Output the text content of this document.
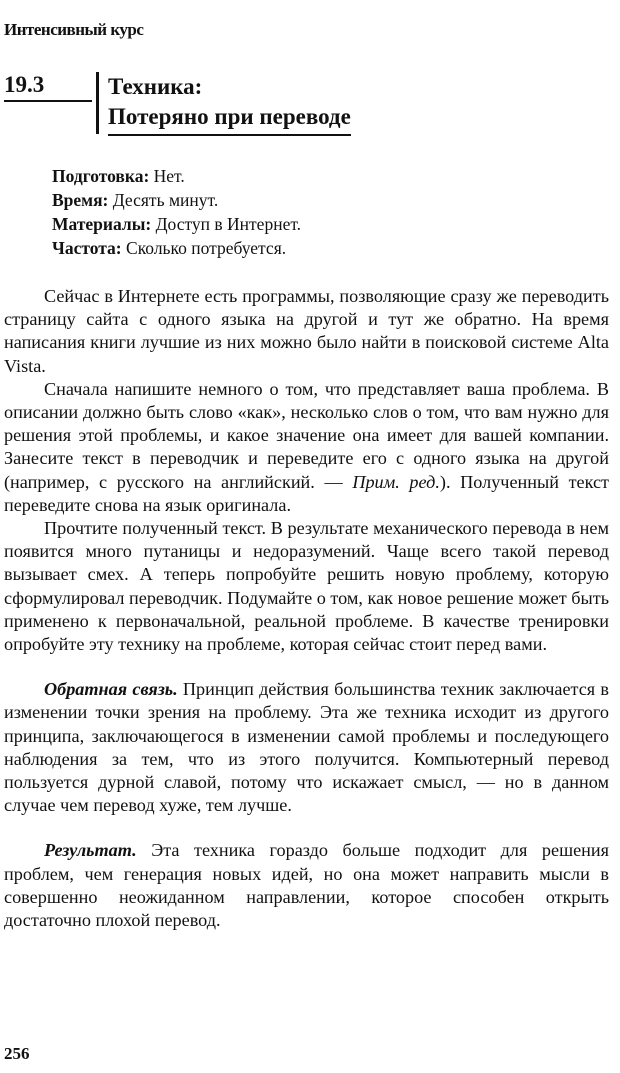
Интенсивный курс
19.3	Техника:
Потеряно при переводе
Подготовка: Нет.
Время: Десять минут.
Материалы: Доступ в Интернет.
Частота: Сколько потребуется.

Сейчас в Интернете есть программы, позволяющие сразу же переводить страницу сайта с одного языка на другой и тут же обратно. На время написания книги лучшие из них можно было найти в поисковой системе Alta Vista.

Сначала напишите немного о том, что представляет ваша проблема. В описании должно быть слово «как», несколько слов о том, что вам нужно для решения этой проблемы, и какое значение она имеет для вашей компании. Занесите текст в переводчик и переведите его с одного языка на другой (например, с русского на английский. — Прим. ред.). Полученный текст переведите снова на язык оригинала.

Прочтите полученный текст. В результате механического перевода в нем появится много путаницы и недоразумений. Чаще всего такой перевод вызывает смех. А теперь попробуйте решить новую проблему, которую сформулировал переводчик. Подумайте о том, как новое решение может быть применено к первоначальной, реальной проблеме. В качестве тренировки опробуйте эту технику на проблеме, которая сейчас стоит перед вами.

Обратная связь. Принцип действия большинства техник заключается в изменении точки зрения на проблему. Эта же техника исходит из другого принципа, заключающегося в изменении самой проблемы и последующего наблюдения за тем, что из этого получится. Компьютерный перевод пользуется дурной славой, потому что искажает смысл, — но в данном случае чем перевод хуже, тем лучше.

Результат. Эта техника гораздо больше подходит для решения проблем, чем генерация новых идей, но она может направить мысли в совершенно неожиданном направлении, которое способен открыть достаточно плохой перевод.

256
